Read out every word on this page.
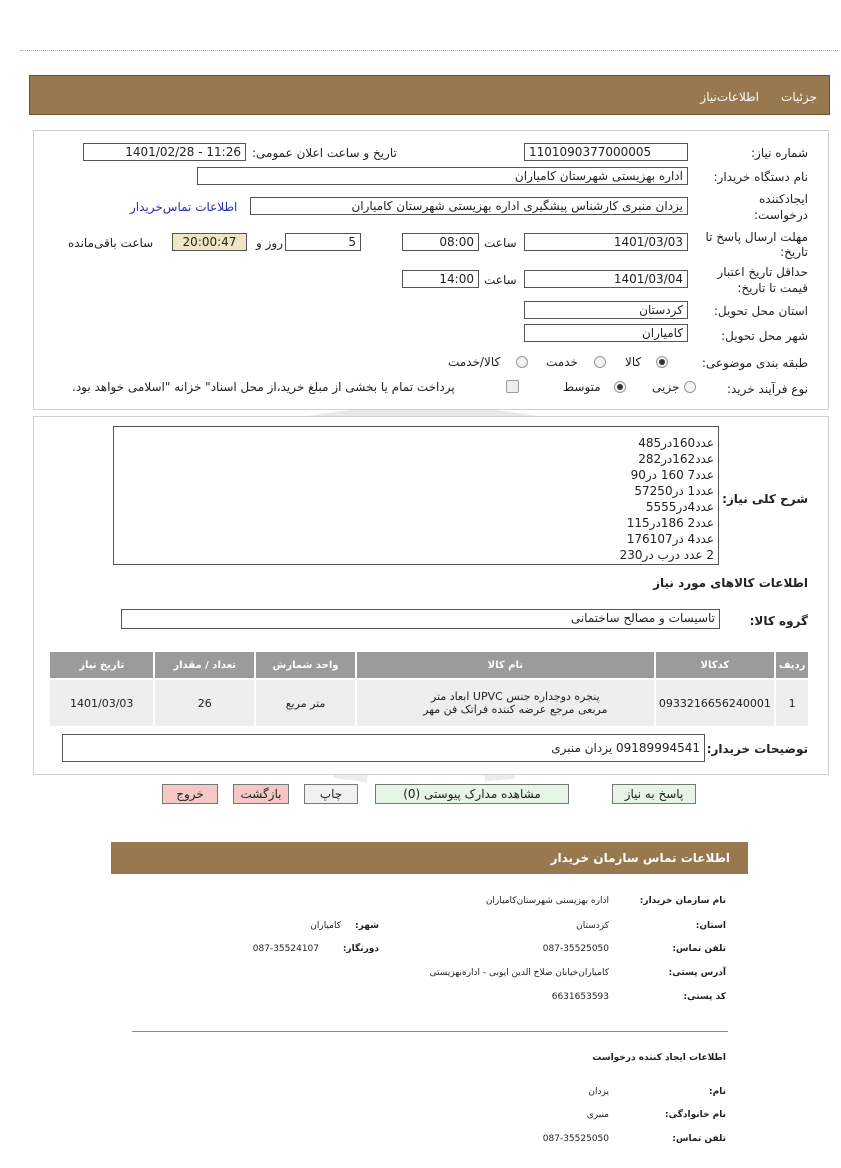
جزئیات
اطلاعات‌نیاز
شماره نیاز:
1101090377000005
تاریخ و ساعت اعلان عمومی:
1401/02/28 - 11:26
نام دستگاه خریدار:
اداره بهزیستی شهرستان کامیاران
ایجادکننده
درخواست:
یزدان منبری کارشناس پیشگیری اداره بهزیستی شهرستان کامیاران
اطلاعات تماس‌خریدار
مهلت ارسال پاسخ تا
تاریخ:
1401/03/03
ساعت
08:00
5
روز و
20:00:47
ساعت باقی‌مانده
حداقل تاریخ اعتبار
قیمت تا تاریخ:
1401/03/04
ساعت
14:00
استان محل تحویل:
کردستان
شهر محل تحویل:
کامیاران
طبقه بندی موضوعی:
کالا
خدمت
کالا/خدمت
نوع فرآیند خرید:
جزیی
متوسط
پرداخت تمام یا بخشی از مبلغ خرید،از محل اسناد" خزانه "اسلامی خواهد بود.
شرح کلی نیاز:
عدد160در485
عدد162در282
عدد7 160 در90
عدد1 در57250
عدد4در5555
عدد2 186در115
عدد4 در176107
2 عدد درب در230
اطلاعات کالاهای مورد نیاز
گروه کالا:
تاسیسات و مصالح ساختمانی
تاریخ نیاز	تعداد / مقدار	واحد شمارش	نام کالا	کدکالا	ردیف
1401/03/03	26	متر مربع	پنجره دوجداره جنس UPVC ابعاد متر مربعی مرجع عرضه کننده فراتک فن مهر	0933216656240001	1
توضیحات خریدار:
09189994541 یزدان منبری
پاسخ به نیاز
مشاهده مدارک پیوستی (0)
چاپ
بازگشت
خروج
اطلاعات تماس سازمان خریدار
نام سازمان خریدار:
اداره بهزیستی شهرستان‌کامیاران
استان:
کردستان
شهر:
کامیاران
تلفن تماس:
087-35525050
دورنگار:
087-35524107
آدرس پستی:
کامیاران‌خیابان صلاح الدین ایوبی - اداره‌بهزیستی
کد پستی:
6631653593
اطلاعات ایجاد کننده درخواست
نام:
یزدان
نام خانوادگی:
منبری
تلفن تماس:
087-35525050
